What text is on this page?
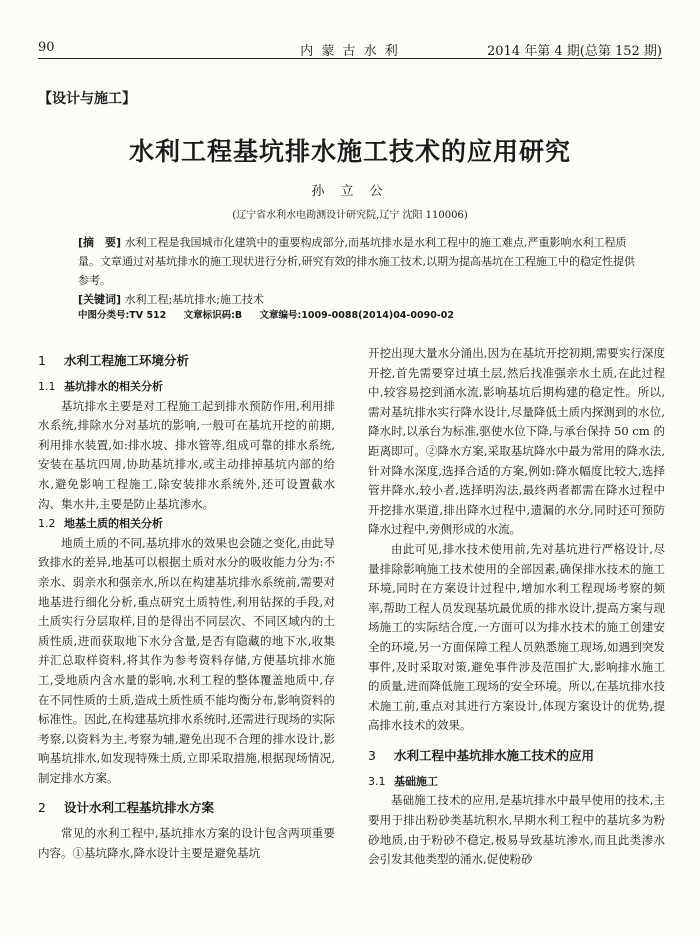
90	内 蒙 古 水 利	2014 年第 4 期(总第 152 期)
【设计与施工】
水利工程基坑排水施工技术的应用研究
孙 立 公
(辽宁省水利水电勘测设计研究院,辽宁 沈阳 110006)
[摘　要] 水利工程是我国城市化建筑中的重要构成部分,而基坑排水是水利工程中的施工难点,严重影响水利工程质量。文章通过对基坑排水的施工现状进行分析,研究有效的排水施工技术,以期为提高基坑在工程施工中的稳定性提供参考。
[关键词] 水利工程;基坑排水;施工技术
中图分类号:TV 512 文章标识码:B 文章编号:1009-0088(2014)04-0090-02
1 水利工程施工环境分析
1.1 基坑排水的相关分析

基坑排水主要是对工程施工起到排水预防作用,利用排水系统,排除水分对基坑的影响,一般可在基坑开挖的前期,利用排水装置,如:排水坡、排水管等,组成可靠的排水系统,安装在基坑四周,协助基坑排水,或主动排掉基坑内部的给水,避免影响工程施工,除安装排水系统外,还可设置截水沟、集水井,主要是防止基坑渗水。

1.2 地基土质的相关分析

地质土质的不同,基坑排水的效果也会随之变化,由此导致排水的差异,地基可以根据土质对水分的吸收能力分为:不亲水、弱亲水和强亲水,所以在构建基坑排水系统前,需要对地基进行细化分析,重点研究土质特性,利用钻探的手段,对土质实行分层取样,目的是得出不同层次、不同区域内的土质性质,进而获取地下水分含量,是否有隐藏的地下水,收集并汇总取样资料,将其作为参考资料存储,方便基坑排水施工,受地质内含水量的影响,水利工程的整体覆盖地质中,存在不同性质的土质,造成土质性质不能均衡分布,影响资料的标准性。因此,在构建基坑排水系统时,还需进行现场的实际考察,以资料为主,考察为辅,避免出现不合理的排水设计,影响基坑排水,如发现特殊土质,立即采取措施,根据现场情况,制定排水方案。

2 设计水利工程基坑排水方案

常见的水利工程中,基坑排水方案的设计包含两项重要内容。①基坑降水,降水设计主要是避免基坑

开挖出现大量水分涌出,因为在基坑开挖初期,需要实行深度开挖,首先需要穿过填土层,然后找准强亲水土质,在此过程中,较容易挖到涌水流,影响基坑后期构建的稳定性。所以,需对基坑排水实行降水设计,尽量降低土质内探测到的水位,降水时,以承台为标准,驱使水位下降,与承台保持 50 cm 的距离即可。②降水方案,采取基坑降水中最为常用的降水法,针对降水深度,选择合适的方案,例如:降水幅度比较大,选择管井降水,较小者,选择明沟法,最终两者都需在降水过程中开挖排水渠道,排出降水过程中,遗漏的水分,同时还可预防降水过程中,旁侧形成的水流。

由此可见,排水技术使用前,先对基坑进行严格设计,尽量排除影响施工技术使用的全部因素,确保排水技术的施工环境,同时在方案设计过程中,增加水利工程现场考察的频率,帮助工程人员发现基坑最优质的排水设计,提高方案与现场施工的实际结合度,一方面可以为排水技术的施工创建安全的环境,另一方面保障工程人员熟悉施工现场,如遇到突发事件,及时采取对策,避免事件涉及范围扩大,影响排水施工的质量,进而降低施工现场的安全环境。所以,在基坑排水技术施工前,重点对其进行方案设计,体现方案设计的优势,提高排水技术的效果。

3 水利工程中基坑排水施工技术的应用
3.1 基础施工

基础施工技术的应用,是基坑排水中最早使用的技术,主要用于排出粉砂类基坑积水,早期水利工程中的基坑多为粉砂地质,由于粉砂不稳定,极易导致基坑渗水,而且此类渗水会引发其他类型的涌水,促使粉砂
